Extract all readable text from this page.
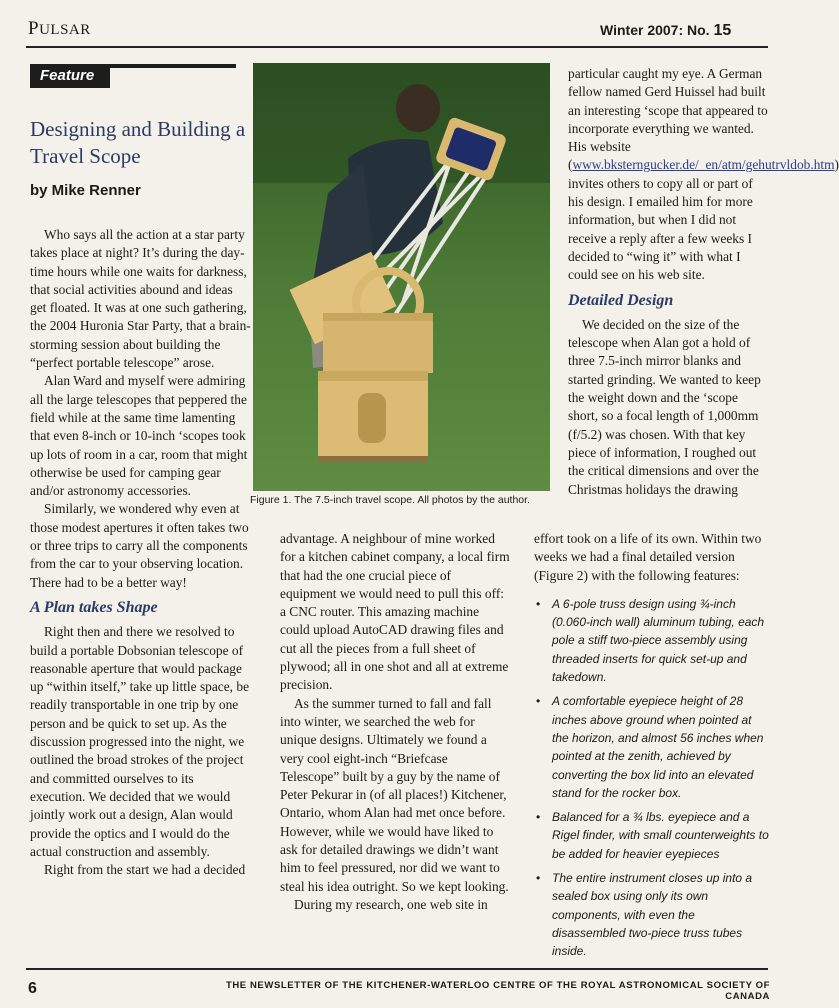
PULSAR	Winter 2007: No. 15
Feature
Designing and Building a Travel Scope
by Mike Renner

Who says all the action at a star party takes place at night? It’s during the day-time hours while one waits for darkness, that social activities abound and ideas get floated. It was at one such gathering, the 2004 Huronia Star Party, that a brain-storming session about building the “perfect portable telescope” arose.

Alan Ward and myself were admiring all the large telescopes that peppered the field while at the same time lamenting that even 8-inch or 10-inch ‘scopes took up lots of room in a car, room that might otherwise be used for camping gear and/or astronomy accessories.

Similarly, we wondered why even at those modest apertures it often takes two or three trips to carry all the components from the car to your observing location. There had to be a better way!

A Plan takes Shape

Right then and there we resolved to build a portable Dobsonian telescope of reasonable aperture that would package up “within itself,” take up little space, be readily transportable in one trip by one person and be quick to set up. As the discussion progressed into the night, we outlined the broad strokes of the project and committed ourselves to its execution. We decided that we would jointly work out a design, Alan would provide the optics and I would do the actual construction and assembly.

Right from the start we had a decided

Figure 1. The 7.5-inch travel scope. All photos by the author.

advantage. A neighbour of mine worked for a kitchen cabinet company, a local firm that had the one crucial piece of equipment we would need to pull this off: a CNC router. This amazing machine could upload AutoCAD drawing files and cut all the pieces from a full sheet of plywood; all in one shot and all at extreme precision.

As the summer turned to fall and fall into winter, we searched the web for unique designs. Ultimately we found a very cool eight-inch “Briefcase Telescope” built by a guy by the name of Peter Pekurar in (of all places!) Kitchener, Ontario, whom Alan had met once before. However, while we would have liked to ask for detailed drawings we didn’t want him to feel pressured, nor did we want to steal his idea outright. So we kept looking.

During my research, one web site in

particular caught my eye. A German fellow named Gerd Huissel had built an interesting ‘scope that appeared to incorporate everything we wanted. His website (www.bksterngucker.de/_en/atm/gehutrvldob.htm) invites others to copy all or part of his design. I emailed him for more information, but when I did not receive a reply after a few weeks I decided to “wing it” with what I could see on his web site.

Detailed Design

We decided on the size of the telescope when Alan got a hold of three 7.5-inch mirror blanks and started grinding. We wanted to keep the weight down and the ‘scope short, so a focal length of 1,000mm (f/5.2) was chosen. With that key piece of information, I roughed out the critical dimensions and over the Christmas holidays the drawing

effort took on a life of its own. Within two weeks we had a final detailed version (Figure 2) with the following features:

• A 6-pole truss design using ¾-inch (0.060-inch wall) aluminum tubing, each pole a stiff two-piece assembly using threaded inserts for quick set-up and takedown.
• A comfortable eyepiece height of 28 inches above ground when pointed at the horizon, and almost 56 inches when pointed at the zenith, achieved by converting the box lid into an elevated stand for the rocker box.
• Balanced for a ¾ lbs. eyepiece and a Rigel finder, with small counterweights to be added for heavier eyepieces
• The entire instrument closes up into a sealed box using only its own components, with even the disassembled two-piece truss tubes inside.
6	THE NEWSLETTER OF THE KITCHENER-WATERLOO CENTRE OF THE ROYAL ASTRONOMICAL SOCIETY OF CANADA
